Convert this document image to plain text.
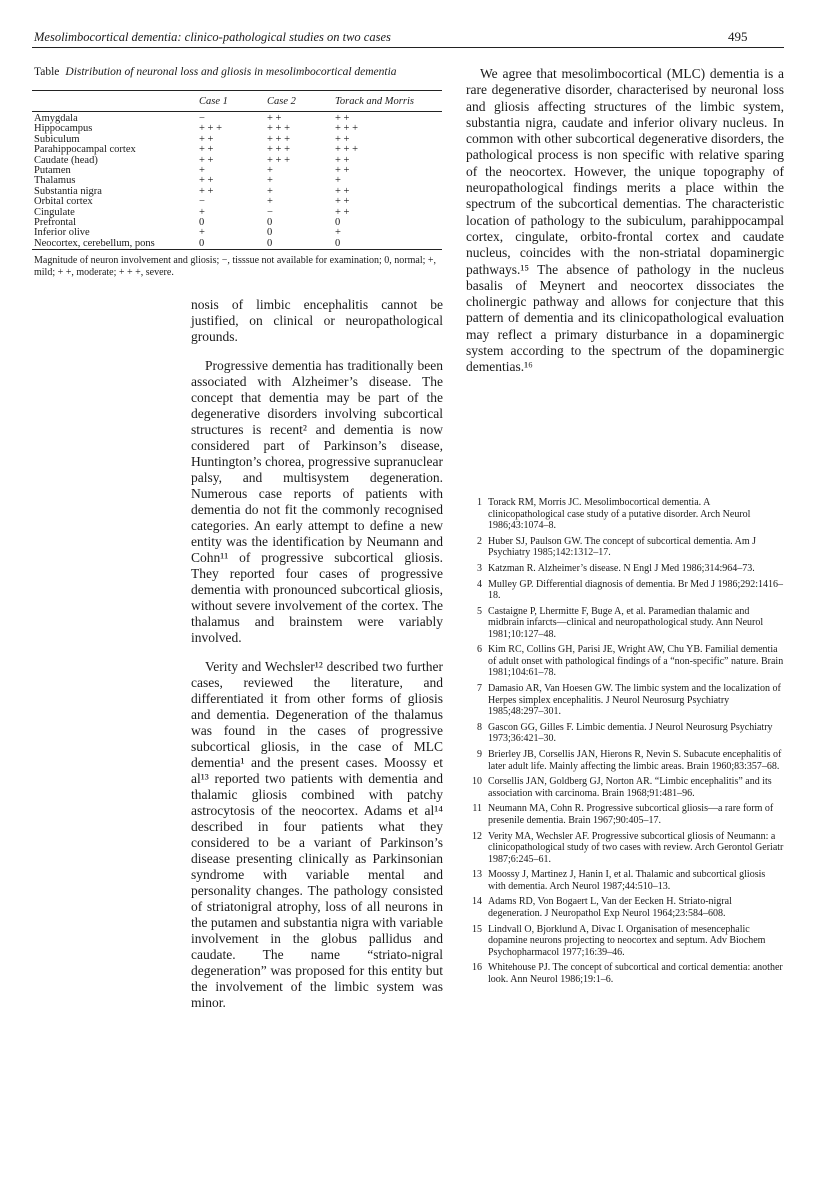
Mesolimbocortical dementia: clinico-pathological studies on two cases	495
Table Distribution of neuronal loss and gliosis in mesolimbocortical dementia
	Case 1	Case 2	Torack and Morris
Amygdala	−	+ +	+ +
Hippocampus	+ + +	+ + +	+ + +
Subiculum	+ +	+ + +	+ +
Parahippocampal cortex	+ +	+ + +	+ + +
Caudate (head)	+ +	+ + +	+ +
Putamen	+	+	+ +
Thalamus	+ +	+	+
Substantia nigra	+ +	+	+ +
Orbital cortex	−	+	+ +
Cingulate	+	−	+ +
Prefrontal	0	0	0
Inferior olive	+	0	+
Neocortex, cerebellum, pons	0	0	0
Magnitude of neuron involvement and gliosis; −, tisssue not available for examination; 0, normal; +, mild; + +, moderate; + + +, severe.

nosis of limbic encephalitis cannot be justified, on clinical or neuropathological grounds.

Progressive dementia has traditionally been associated with Alzheimer’s disease. The concept that dementia may be part of the degenerative disorders involving subcortical structures is recent² and dementia is now considered part of Parkinson’s disease, Huntington’s chorea, progressive supranuclear palsy, and multisystem degeneration. Numerous case reports of patients with dementia do not fit the commonly recognised categories. An early attempt to define a new entity was the identification by Neumann and Cohn¹¹ of progressive subcortical gliosis. They reported four cases of progressive dementia with pronounced subcortical gliosis, without severe involvement of the cortex. The thalamus and brainstem were variably involved.

Verity and Wechsler¹² described two further cases, reviewed the literature, and differentiated it from other forms of gliosis and dementia. Degeneration of the thalamus was found in the cases of progressive subcortical gliosis, in the case of MLC dementia¹ and the present cases. Moossy et al¹³ reported two patients with dementia and thalamic gliosis combined with patchy astrocytosis of the neocortex. Adams et al¹⁴ described in four patients what they considered to be a variant of Parkinson’s disease presenting clinically as Parkinsonian syndrome with variable mental and personality changes. The pathology consisted of striatonigral atrophy, loss of all neurons in the putamen and substantia nigra with variable involvement in the globus pallidus and caudate. The name “striato-nigral degeneration” was proposed for this entity but the involvement of the limbic system was minor.

We agree that mesolimbocortical (MLC) dementia is a rare degenerative disorder, characterised by neuronal loss and gliosis affecting structures of the limbic system, substantia nigra, caudate and inferior olivary nucleus. In common with other subcortical degenerative disorders, the pathological process is non specific with relative sparing of the neocortex. However, the unique topography of neuropathological findings merits a place within the spectrum of the subcortical dementias. The characteristic location of pathology to the subiculum, parahippocampal cortex, cingulate, orbito-frontal cortex and caudate nucleus, coincides with the non-striatal dopaminergic pathways.¹⁵ The absence of pathology in the nucleus basalis of Meynert and neocortex dissociates the cholinergic pathway and allows for conjecture that this pattern of dementia and its clinicopathological evaluation may reflect a primary disturbance in a dopaminergic system according to the spectrum of the dopaminergic dementias.¹⁶

1 Torack RM, Morris JC. Mesolimbocortical dementia. A clinicopathological case study of a putative disorder. Arch Neurol 1986;43:1074–8.
2 Huber SJ, Paulson GW. The concept of subcortical dementia. Am J Psychiatry 1985;142:1312–17.
3 Katzman R. Alzheimer’s disease. N Engl J Med 1986;314:964–73.
4 Mulley GP. Differential diagnosis of dementia. Br Med J 1986;292:1416–18.
5 Castaigne P, Lhermitte F, Buge A, et al. Paramedian thalamic and midbrain infarcts—clinical and neuropathological study. Ann Neurol 1981;10:127–48.
6 Kim RC, Collins GH, Parisi JE, Wright AW, Chu YB. Familial dementia of adult onset with pathological findings of a “non-specific” nature. Brain 1981;104:61–78.
7 Damasio AR, Van Hoesen GW. The limbic system and the localization of Herpes simplex encephalitis. J Neurol Neurosurg Psychiatry 1985;48:297–301.
8 Gascon GG, Gilles F. Limbic dementia. J Neurol Neurosurg Psychiatry 1973;36:421–30.
9 Brierley JB, Corsellis JAN, Hierons R, Nevin S. Subacute encephalitis of later adult life. Mainly affecting the limbic areas. Brain 1960;83:357–68.
10 Corsellis JAN, Goldberg GJ, Norton AR. “Limbic encephalitis” and its association with carcinoma. Brain 1968;91:481–96.
11 Neumann MA, Cohn R. Progressive subcortical gliosis—a rare form of presenile dementia. Brain 1967;90:405–17.
12 Verity MA, Wechsler AF. Progressive subcortical gliosis of Neumann: a clinicopathological study of two cases with review. Arch Gerontol Geriatr 1987;6:245–61.
13 Moossy J, Martinez J, Hanin I, et al. Thalamic and subcortical gliosis with dementia. Arch Neurol 1987;44:510–13.
14 Adams RD, Von Bogaert L, Van der Eecken H. Striato-nigral degeneration. J Neuropathol Exp Neurol 1964;23:584–608.
15 Lindvall O, Bjorklund A, Divac I. Organisation of mesencephalic dopamine neurons projecting to neocortex and septum. Adv Biochem Psychopharmacol 1977;16:39–46.
16 Whitehouse PJ. The concept of subcortical and cortical dementia: another look. Ann Neurol 1986;19:1–6.
